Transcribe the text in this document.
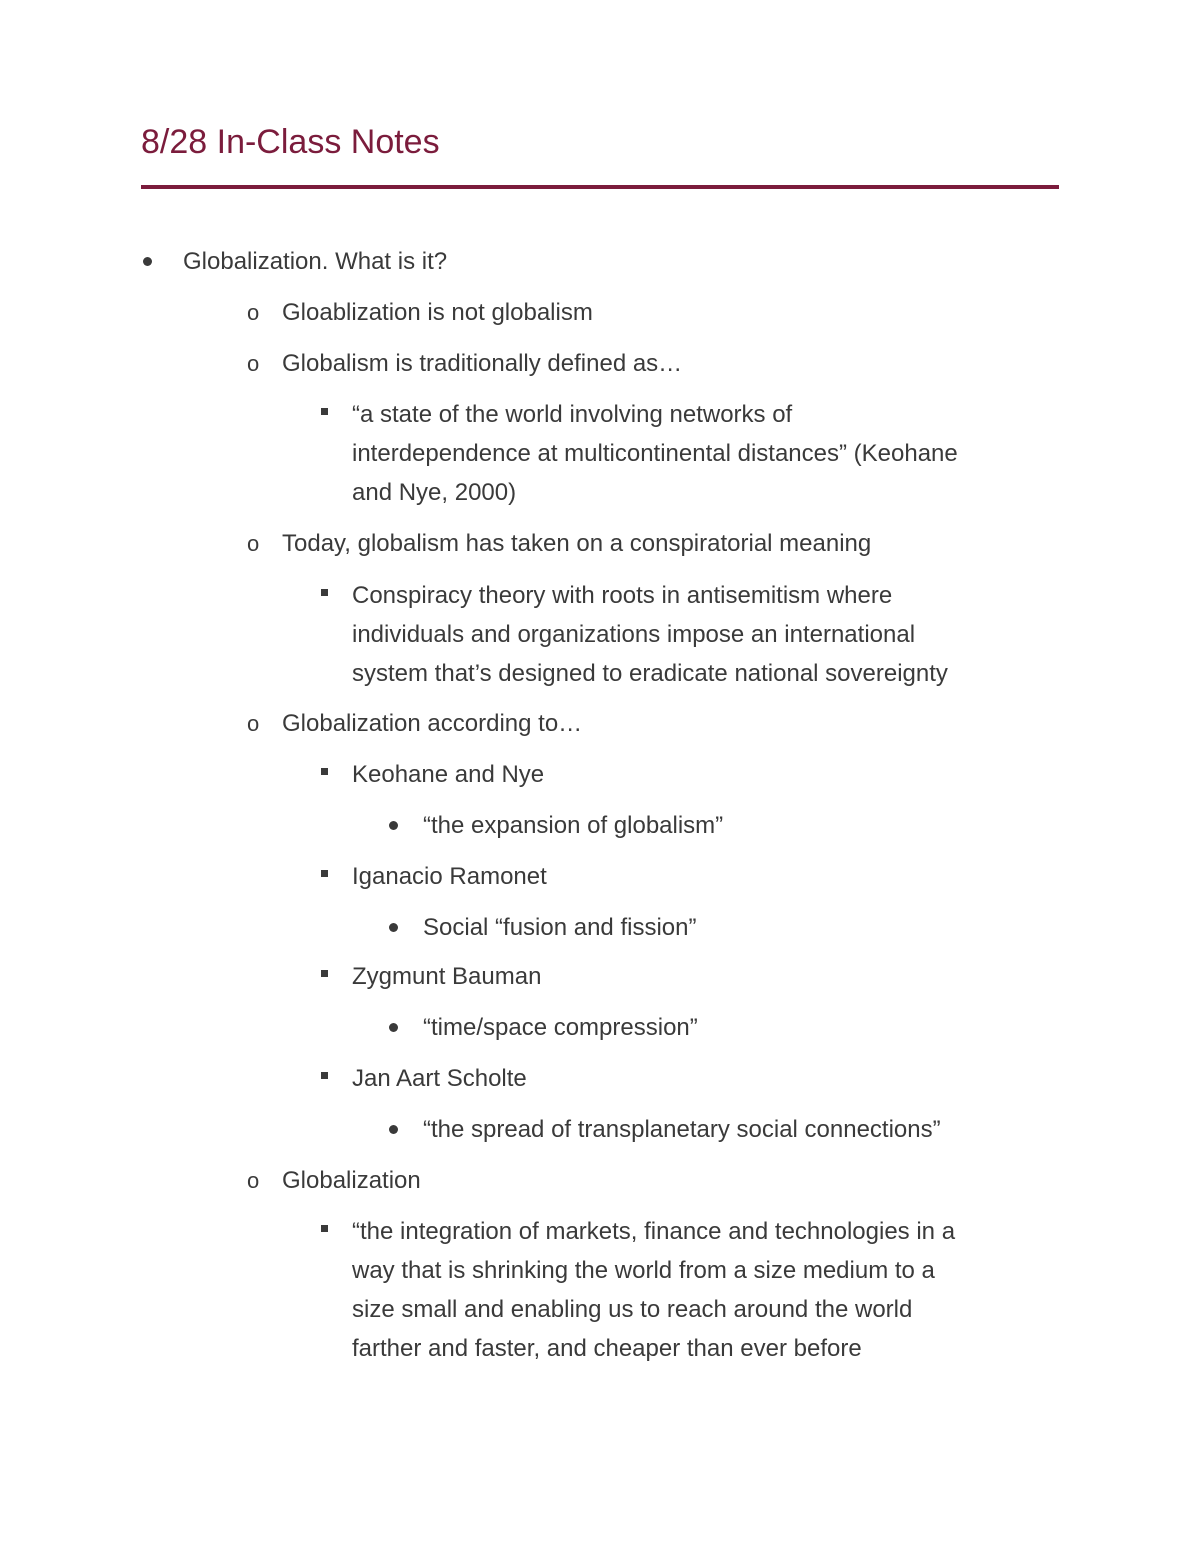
8/28 In-Class Notes
Globalization. What is it?
o Gloablization is not globalism
o Globalism is traditionally defined as…
“a state of the world involving networks of
interdependence at multicontinental distances” (Keohane
and Nye, 2000)
o Today, globalism has taken on a conspiratorial meaning
Conspiracy theory with roots in antisemitism where
individuals and organizations impose an international
system that’s designed to eradicate national sovereignty
o Globalization according to…
Keohane and Nye
“the expansion of globalism”
Iganacio Ramonet
Social “fusion and fission”
Zygmunt Bauman
“time/space compression”
Jan Aart Scholte
“the spread of transplanetary social connections”
o Globalization
“the integration of markets, finance and technologies in a
way that is shrinking the world from a size medium to a
size small and enabling us to reach around the world
farther and faster, and cheaper than ever before
